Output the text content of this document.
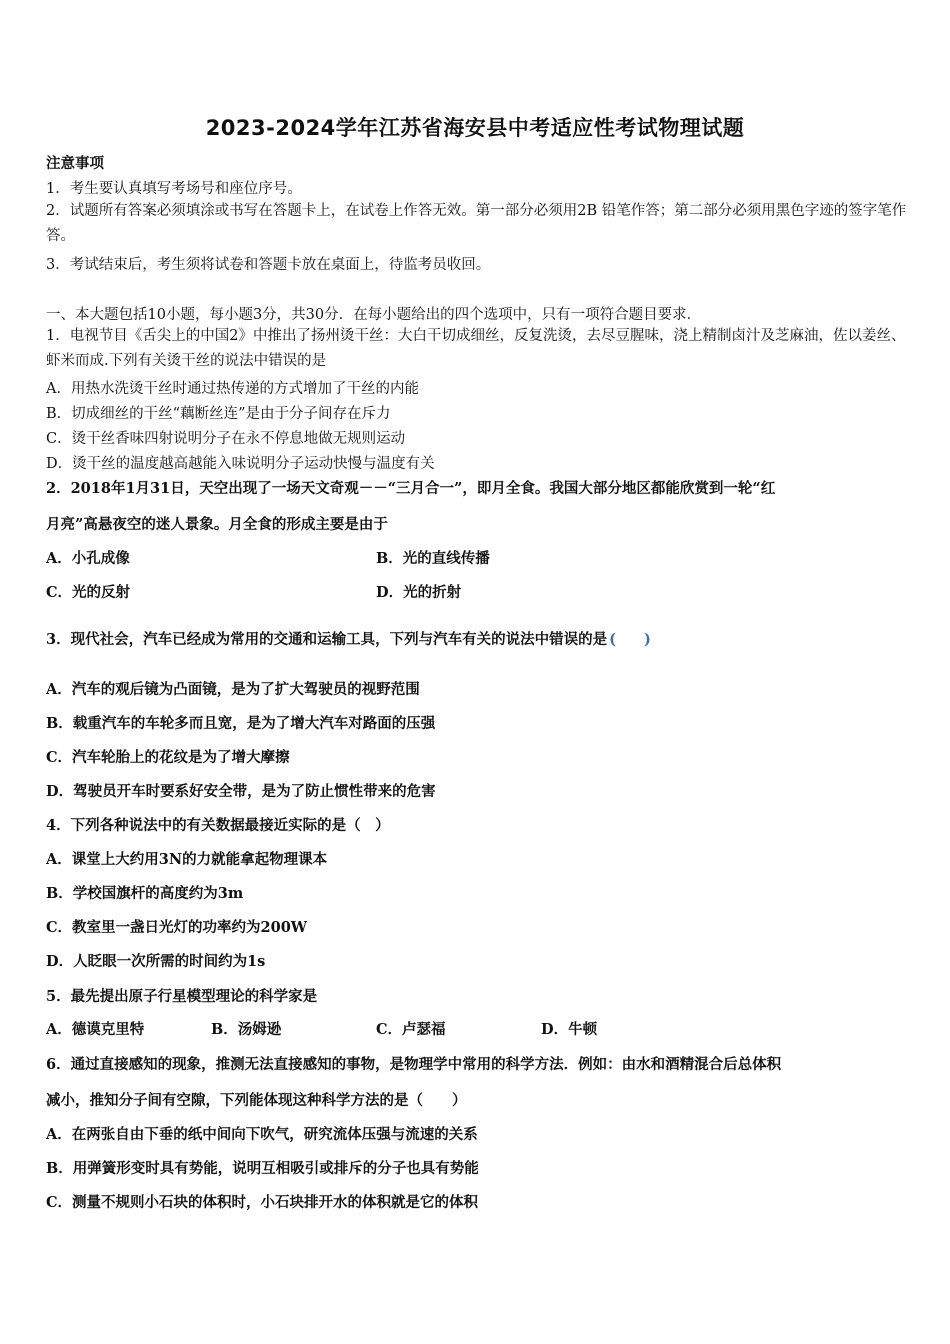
2023-2024学年江苏省海安县中考适应性考试物理试题
注意事项
1．考生要认真填写考场号和座位序号。
2．试题所有答案必须填涂或书写在答题卡上，在试卷上作答无效。第一部分必须用2B 铅笔作答；第二部分必须用黑色字迹的签字笔作答。
3．考试结束后，考生须将试卷和答题卡放在桌面上，待监考员收回。
一、本大题包括10小题，每小题3分，共30分．在每小题给出的四个选项中，只有一项符合题目要求．
1．电视节目《舌尖上的中国2》中推出了扬州烫干丝：大白干切成细丝，反复洗烫，去尽豆腥味，浇上精制卤汁及芝麻油，佐以姜丝、虾米而成.下列有关烫干丝的说法中错误的是
A．用热水洗烫干丝时通过热传递的方式增加了干丝的内能
B．切成细丝的干丝“藕断丝连”是由于分子间存在斥力
C．烫干丝香味四射说明分子在永不停息地做无规则运动
D．烫干丝的温度越高越能入味说明分子运动快慢与温度有关
2．2018年1月31日，天空出现了一场天文奇观－－“三月合一”，即月全食。我国大部分地区都能欣赏到一轮“红
月亮”高悬夜空的迷人景象。月全食的形成主要是由于
A．小孔成像	B．光的直线传播
C．光的反射	D．光的折射
3．现代社会，汽车已经成为常用的交通和运输工具，下列与汽车有关的说法中错误的是 ()
A．汽车的观后镜为凸面镜，是为了扩大驾驶员的视野范围
B．载重汽车的车轮多而且宽，是为了增大汽车对路面的压强
C．汽车轮胎上的花纹是为了增大摩擦
D．驾驶员开车时要系好安全带，是为了防止惯性带来的危害
4．下列各种说法中的有关数据最接近实际的是（　）
A．课堂上大约用3N的力就能拿起物理课本
B．学校国旗杆的高度约为3m
C．教室里一盏日光灯的功率约为200W
D．人眨眼一次所需的时间约为1s
5．最先提出原子行星模型理论的科学家是
A．德谟克里特	B．汤姆逊	C．卢瑟福	D．牛顿
6．通过直接感知的现象，推测无法直接感知的事物，是物理学中常用的科学方法．例如：由水和酒精混合后总体积
减小，推知分子间有空隙，下列能体现这种科学方法的是（　　）
A．在两张自由下垂的纸中间向下吹气，研究流体压强与流速的关系
B．用弹簧形变时具有势能，说明互相吸引或排斥的分子也具有势能
C．测量不规则小石块的体积时，小石块排开水的体积就是它的体积
